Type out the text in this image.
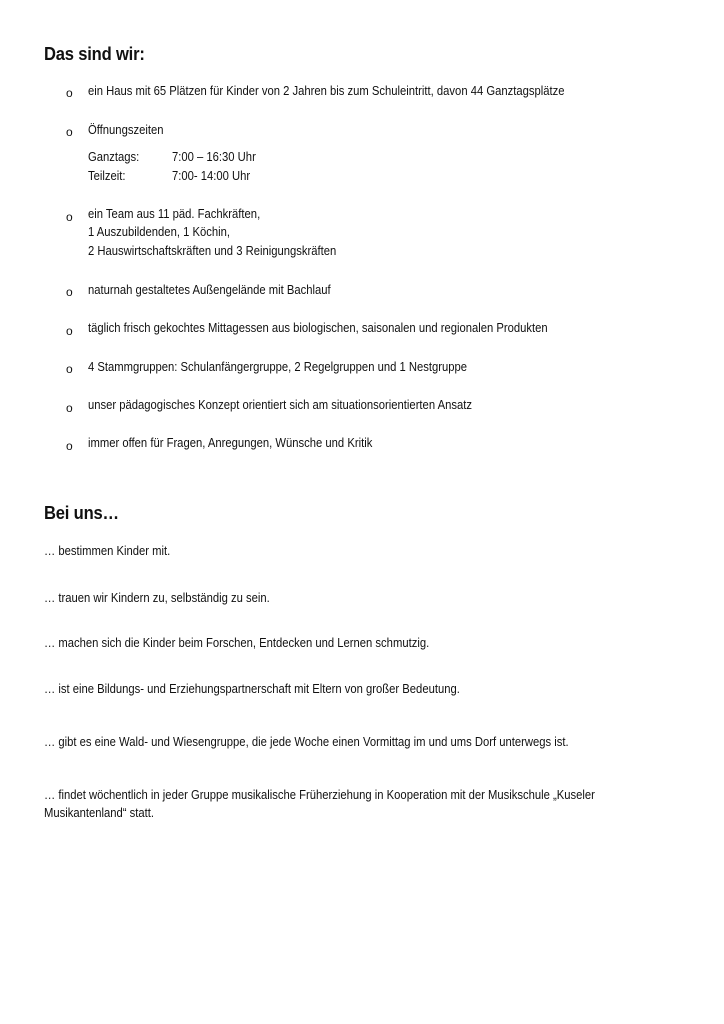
Das sind wir:
o ein Haus mit 65 Plätzen für Kinder von 2 Jahren bis zum Schuleintritt, davon 44 Ganztagsplätze
o Öffnungszeiten
Ganztags:	7:00 – 16:30 Uhr
Teilzeit:	7:00- 14:00 Uhr
o ein Team aus 11 päd. Fachkräften,
1 Auszubildenden, 1 Köchin,
2 Hauswirtschaftskräften und 3 Reinigungskräften
o naturnah gestaltetes Außengelände mit Bachlauf
o täglich frisch gekochtes Mittagessen aus biologischen, saisonalen und regionalen Produkten
o 4 Stammgruppen: Schulanfängergruppe, 2 Regelgruppen und 1 Nestgruppe
o unser pädagogisches Konzept orientiert sich am situationsorientierten Ansatz
o immer offen für Fragen, Anregungen, Wünsche und Kritik
Bei uns…
… bestimmen Kinder mit.
… trauen wir Kindern zu, selbständig zu sein.
… machen sich die Kinder beim Forschen, Entdecken und Lernen schmutzig.
… ist eine Bildungs- und Erziehungspartnerschaft mit Eltern von großer Bedeutung.
… gibt es eine Wald- und Wiesengruppe, die jede Woche einen Vormittag im und ums Dorf unterwegs ist.
… findet wöchentlich in jeder Gruppe musikalische Früherziehung in Kooperation mit der Musikschule „Kuseler
Musikantenland“ statt.
